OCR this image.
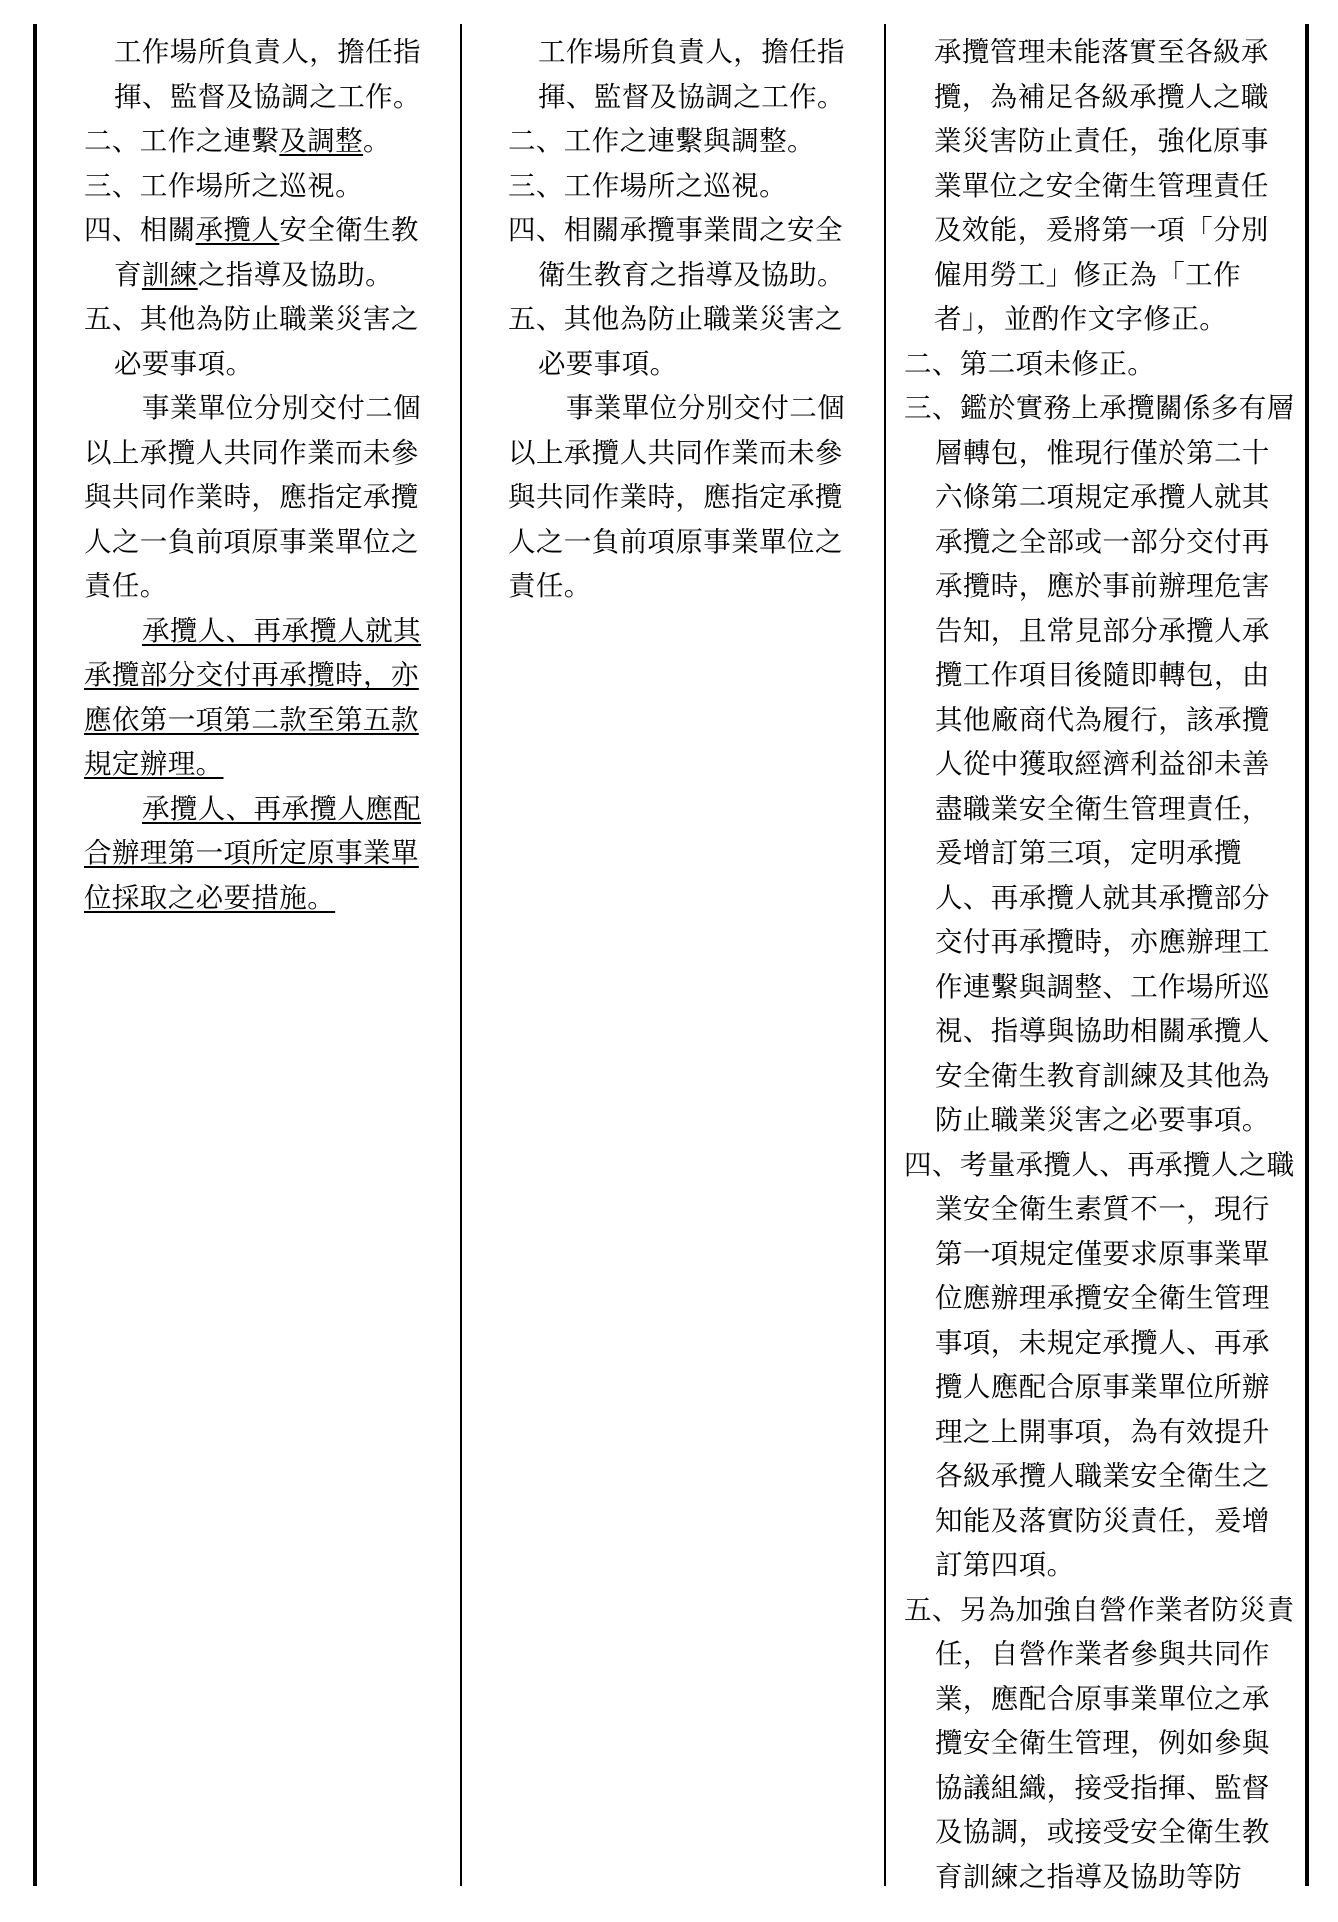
工作場所負責人，擔任指揮、監督及協調之工作。

二、工作之連繫及調整。

三、工作場所之巡視。

四、相關承攬人安全衛生教育訓練之指導及協助。

五、其他為防止職業災害之必要事項。

事業單位分別交付二個以上承攬人共同作業而未參與共同作業時，應指定承攬人之一負前項原事業單位之責任。

承攬人、再承攬人就其承攬部分交付再承攬時，亦應依第一項第二款至第五款規定辦理。

承攬人、再承攬人應配合辦理第一項所定原事業單位採取之必要措施。

工作場所負責人，擔任指揮、監督及協調之工作。

二、工作之連繫與調整。

三、工作場所之巡視。

四、相關承攬事業間之安全衛生教育之指導及協助。

五、其他為防止職業災害之必要事項。

事業單位分別交付二個以上承攬人共同作業而未參與共同作業時，應指定承攬人之一負前項原事業單位之責任。

承攬管理未能落實至各級承攬，為補足各級承攬人之職業災害防止責任，強化原事業單位之安全衛生管理責任及效能，爰將第一項「分別僱用勞工」修正為「工作者」，並酌作文字修正。

二、第二項未修正。

三、鑑於實務上承攬關係多有層層轉包，惟現行僅於第二十六條第二項規定承攬人就其承攬之全部或一部分交付再承攬時，應於事前辦理危害告知，且常見部分承攬人承攬工作項目後隨即轉包，由其他廠商代為履行，該承攬人從中獲取經濟利益卻未善盡職業安全衛生管理責任，爰增訂第三項，定明承攬人、再承攬人就其承攬部分交付再承攬時，亦應辦理工作連繫與調整、工作場所巡視、指導與協助相關承攬人安全衛生教育訓練及其他為防止職業災害之必要事項。

四、考量承攬人、再承攬人之職業安全衛生素質不一，現行第一項規定僅要求原事業單位應辦理承攬安全衛生管理事項，未規定承攬人、再承攬人應配合原事業單位所辦理之上開事項，為有效提升各級承攬人職業安全衛生之知能及落實防災責任，爰增訂第四項。

五、另為加強自營作業者防災責任，自營作業者參與共同作業，應配合原事業單位之承攬安全衛生管理，例如參與協議組織，接受指揮、監督及協調，或接受安全衛生教育訓練之指導及協助等防
